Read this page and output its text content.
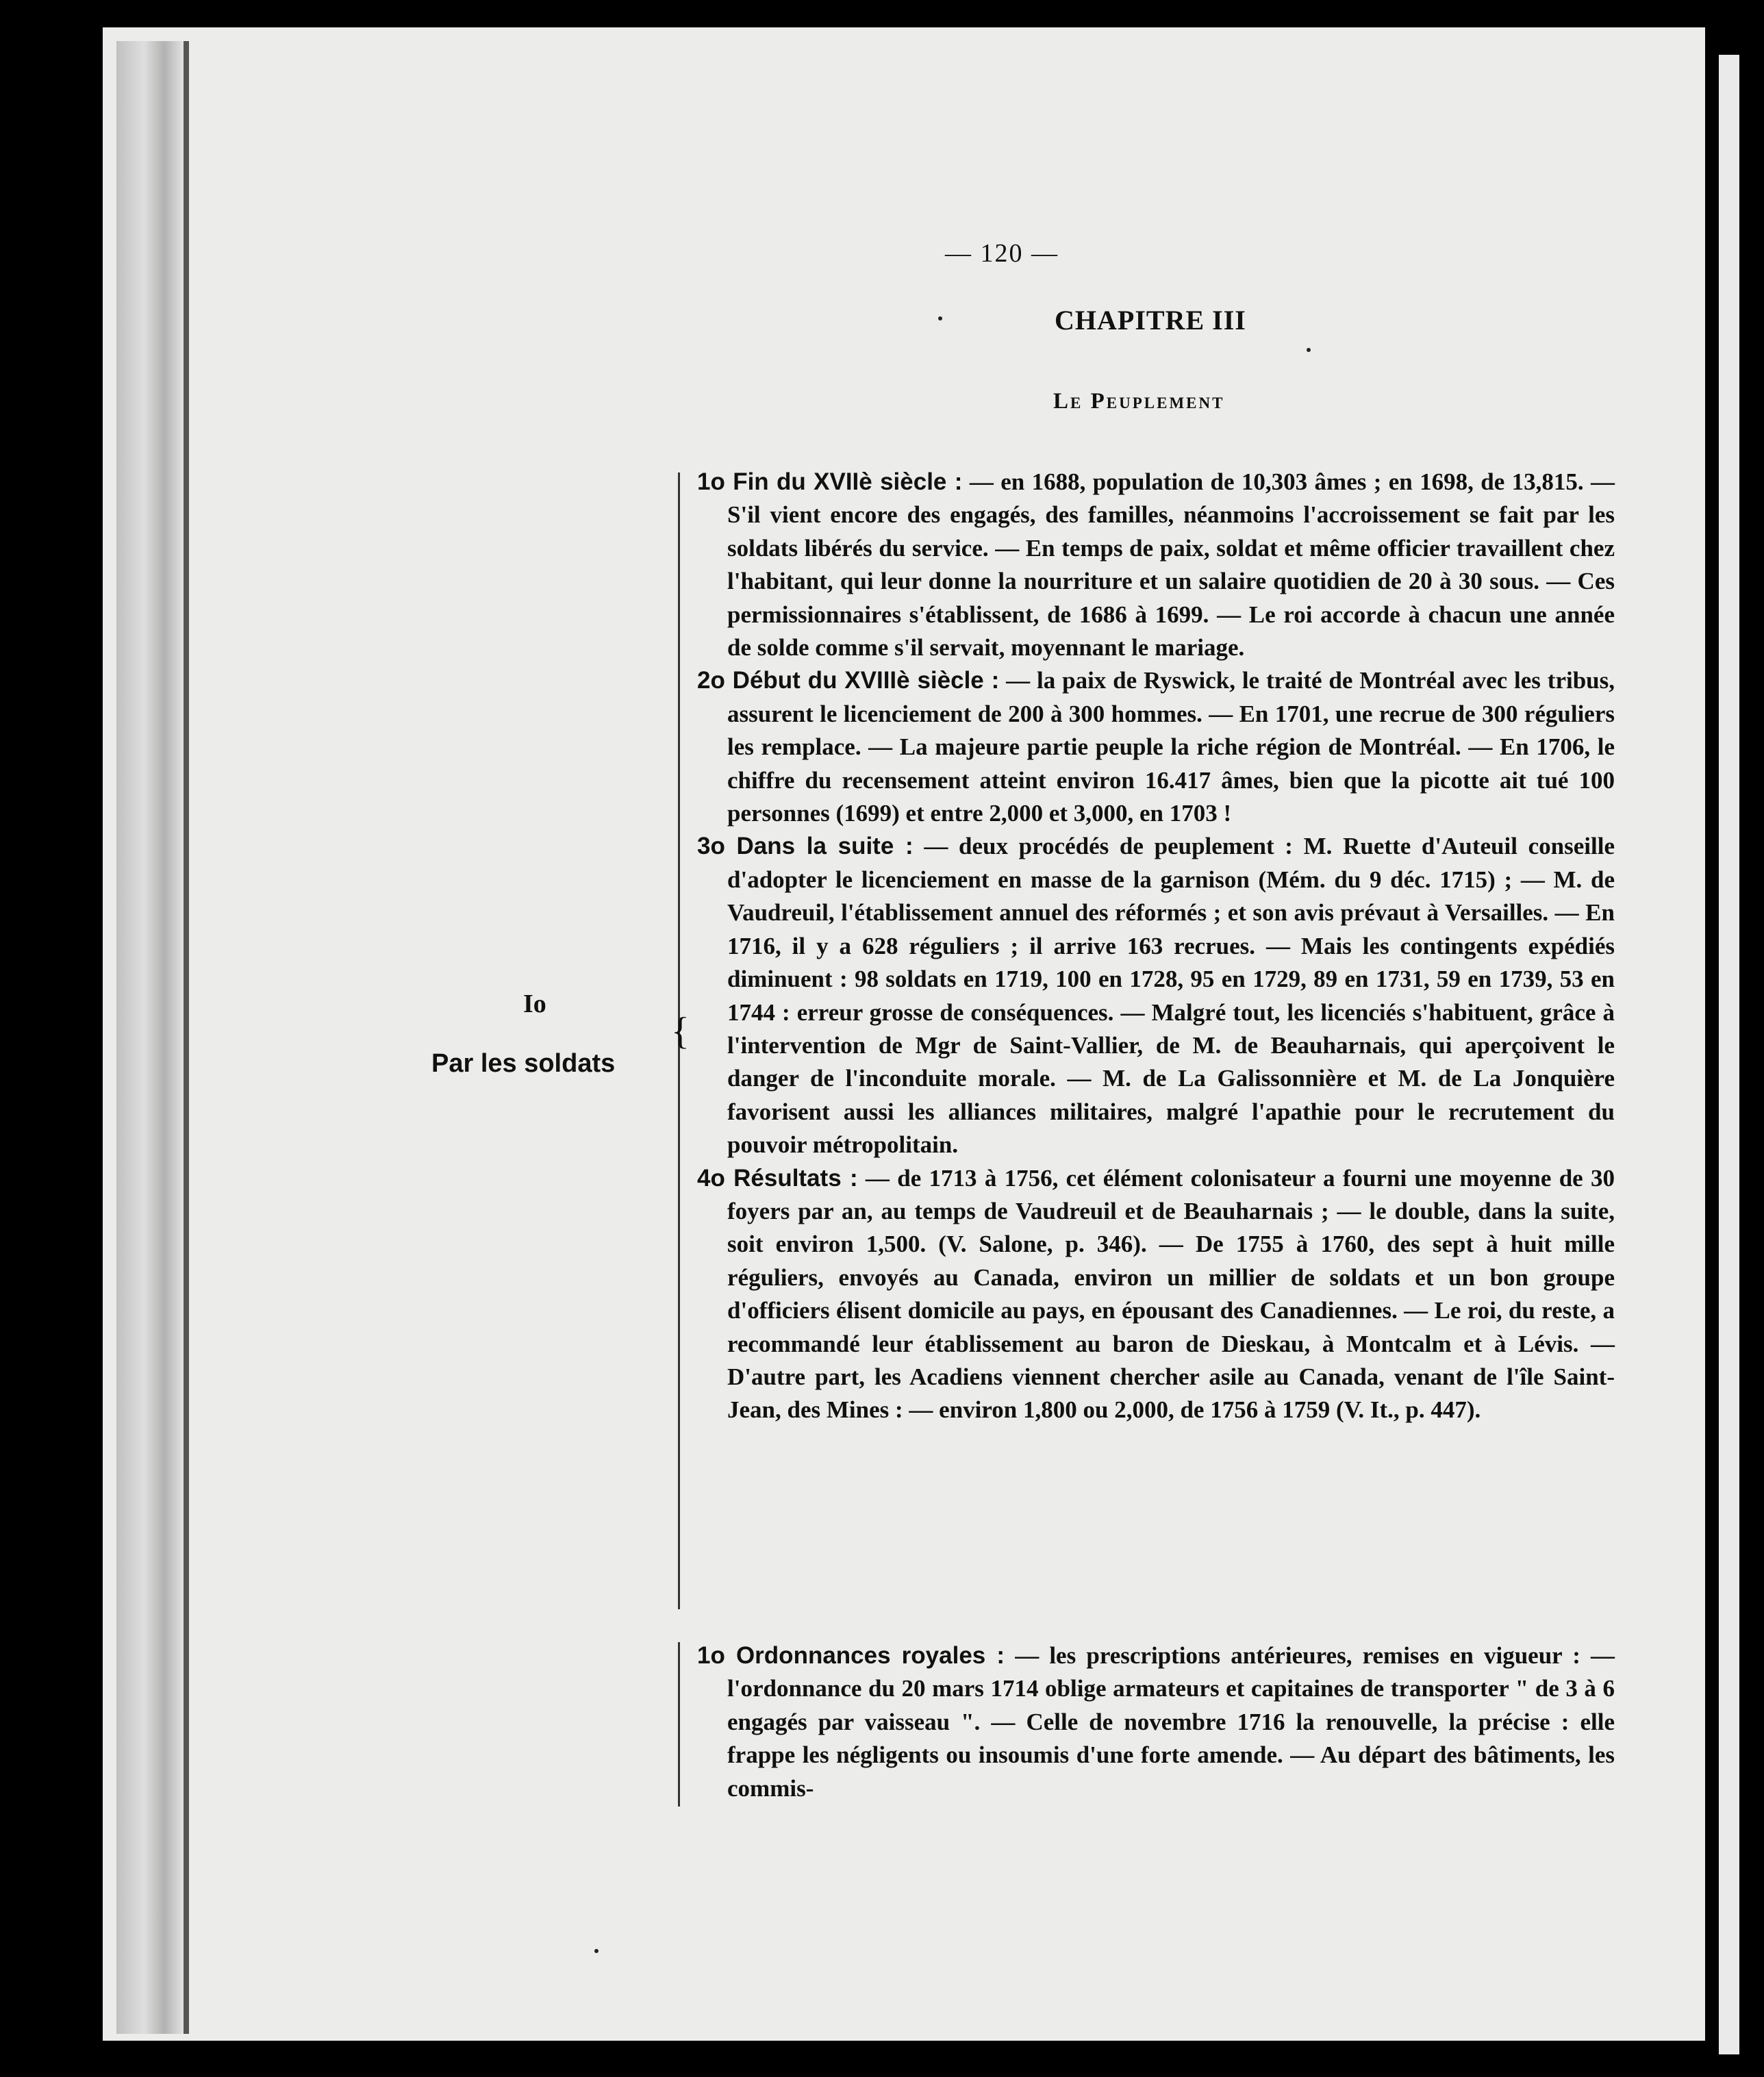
— 120 —
CHAPITRE III
Le Peuplement
Io
Par les soldats
{

1o Fin du XVIIè siècle : — en 1688, population de 10,303 âmes ; en 1698, de 13,815. — S'il vient encore des engagés, des familles, néanmoins l'accroissement se fait par les soldats libérés du service. — En temps de paix, soldat et même officier travaillent chez l'habitant, qui leur donne la nourriture et un salaire quotidien de 20 à 30 sous. — Ces permissionnaires s'établissent, de 1686 à 1699. — Le roi accorde à chacun une année de solde comme s'il servait, moyennant le mariage.

2o Début du XVIIIè siècle : — la paix de Ryswick, le traité de Montréal avec les tribus, assurent le licenciement de 200 à 300 hommes. — En 1701, une recrue de 300 réguliers les remplace. — La majeure partie peuple la riche région de Montréal. — En 1706, le chiffre du recensement atteint environ 16.417 âmes, bien que la picotte ait tué 100 personnes (1699) et entre 2,000 et 3,000, en 1703 !

3o Dans la suite : — deux procédés de peuplement : M. Ruette d'Auteuil conseille d'adopter le licenciement en masse de la garnison (Mém. du 9 déc. 1715) ; — M. de Vaudreuil, l'établissement annuel des réformés ; et son avis prévaut à Versailles. — En 1716, il y a 628 réguliers ; il arrive 163 recrues. — Mais les contingents expédiés diminuent : 98 soldats en 1719, 100 en 1728, 95 en 1729, 89 en 1731, 59 en 1739, 53 en 1744 : erreur grosse de conséquences. — Malgré tout, les licenciés s'habituent, grâce à l'intervention de Mgr de Saint-Vallier, de M. de Beauharnais, qui aperçoivent le danger de l'inconduite morale. — M. de La Galissonnière et M. de La Jonquière favorisent aussi les alliances militaires, malgré l'apathie pour le recrutement du pouvoir métropolitain.

4o Résultats : — de 1713 à 1756, cet élément colonisateur a fourni une moyenne de 30 foyers par an, au temps de Vaudreuil et de Beauharnais ; — le double, dans la suite, soit environ 1,500. (V. Salone, p. 346). — De 1755 à 1760, des sept à huit mille réguliers, envoyés au Canada, environ un millier de soldats et un bon groupe d'officiers élisent domicile au pays, en épousant des Canadiennes. — Le roi, du reste, a recommandé leur établissement au baron de Dieskau, à Montcalm et à Lévis. — D'autre part, les Acadiens viennent chercher asile au Canada, venant de l'île Saint-Jean, des Mines : — environ 1,800 ou 2,000, de 1756 à 1759 (V. It., p. 447).

1o Ordonnances royales : — les prescriptions antérieures, remises en vigueur : — l'ordonnance du 20 mars 1714 oblige armateurs et capitaines de transporter " de 3 à 6 engagés par vaisseau ". — Celle de novembre 1716 la renouvelle, la précise : elle frappe les négligents ou insoumis d'une forte amende. — Au départ des bâtiments, les commis-
